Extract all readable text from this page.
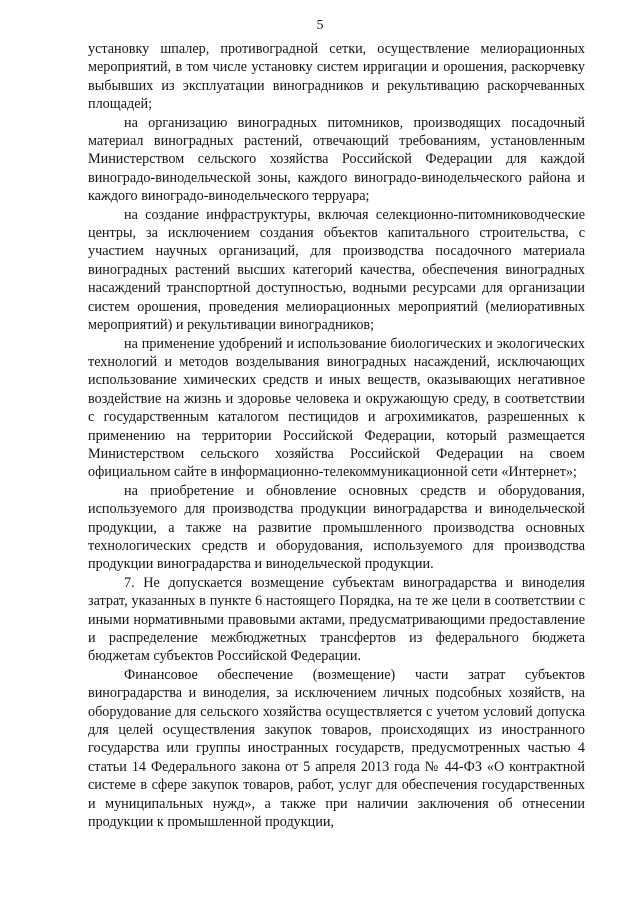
5

установку шпалер, противоградной сетки, осуществление мелиорационных мероприятий, в том числе установку систем ирригации и орошения, раскорчевку выбывших из эксплуатации виноградников и рекультивацию раскорчеванных площадей;

на организацию виноградных питомников, производящих посадочный материал виноградных растений, отвечающий требованиям, установленным Министерством сельского хозяйства Российской Федерации для каждой виноградо-винодельческой зоны, каждого виноградо-винодельческого района и каждого виноградо-винодельческого терруара;

на создание инфраструктуры, включая селекционно-питомниководческие центры, за исключением создания объектов капитального строительства, с участием научных организаций, для производства посадочного материала виноградных растений высших категорий качества, обеспечения виноградных насаждений транспортной доступностью, водными ресурсами для организации систем орошения, проведения мелиорационных мероприятий (мелиоративных мероприятий) и рекультивации виноградников;

на применение удобрений и использование биологических и экологических технологий и методов возделывания виноградных насаждений, исключающих использование химических средств и иных веществ, оказывающих негативное воздействие на жизнь и здоровье человека и окружающую среду, в соответствии с государственным каталогом пестицидов и агрохимикатов, разрешенных к применению на территории Российской Федерации, который размещается Министерством сельского хозяйства Российской Федерации на своем официальном сайте в информационно-телекоммуникационной сети «Интернет»;

на приобретение и обновление основных средств и оборудования, используемого для производства продукции виноградарства и винодельческой продукции, а также на развитие промышленного производства основных технологических средств и оборудования, используемого для производства продукции виноградарства и винодельческой продукции.

7. Не допускается возмещение субъектам виноградарства и виноделия затрат, указанных в пункте 6 настоящего Порядка, на те же цели в соответствии с иными нормативными правовыми актами, предусматривающими предоставление и распределение межбюджетных трансфертов из федерального бюджета бюджетам субъектов Российской Федерации.

Финансовое обеспечение (возмещение) части затрат субъектов виноградарства и виноделия, за исключением личных подсобных хозяйств, на оборудование для сельского хозяйства осуществляется с учетом условий допуска для целей осуществления закупок товаров, происходящих из иностранного государства или группы иностранных государств, предусмотренных частью 4 статьи 14 Федерального закона от 5 апреля 2013 года № 44-ФЗ «О контрактной системе в сфере закупок товаров, работ, услуг для обеспечения государственных и муниципальных нужд», а также при наличии заключения об отнесении продукции к промышленной продукции,
